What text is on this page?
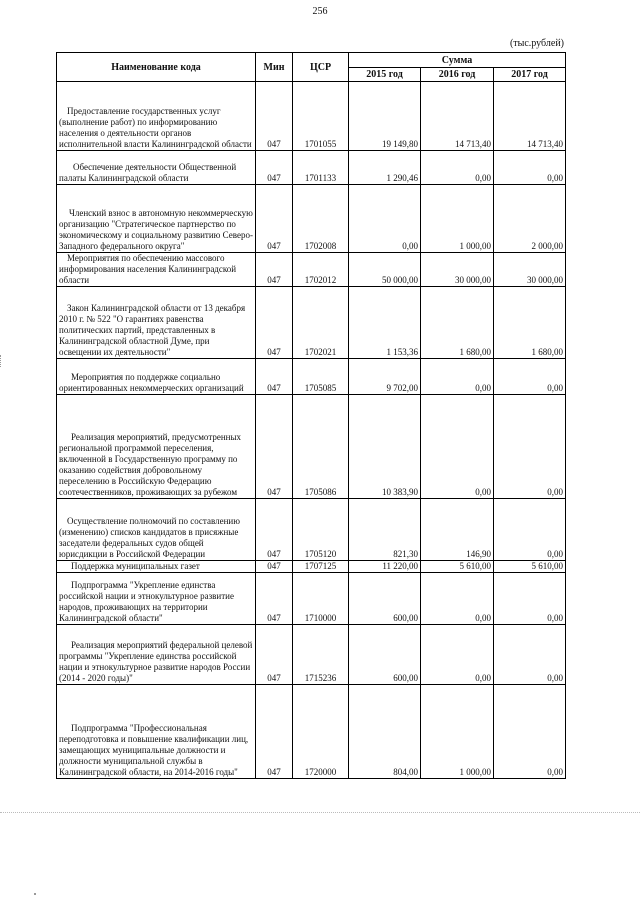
256
(тыс.рублей)
Наименование кода	Мин	ЦСР	Сумма		
			2015 год	2016 год	2017 год

Предоставление государственных услуг (выполнение работ) по информированию населения о деятельности органов исполнительной власти Калининградской области	047	1701055	19 149,80	14 713,40	14 713,40

Обеспечение деятельности Общественной палаты Калининградской области	047	1701133	1 290,46	0,00	0,00

Членский взнос в автономную некоммерческую организацию "Стратегическое партнерство по экономическому и социальному развитию Северо-Западного федерального округа"	047	1702008	0,00	1 000,00	2 000,00

Мероприятия по обеспечению массового информирования населения Калининградской области	047	1702012	50 000,00	30 000,00	30 000,00

Закон Калининградской области от 13 декабря 2010 г. № 522 "О гарантиях равенства политических партий, представленных в Калининградской областной Думе, при освещении их деятельности"	047	1702021	1 153,36	1 680,00	1 680,00

Мероприятия по поддержке социально ориентированных некоммерческих организаций	047	1705085	9 702,00	0,00	0,00

Реализация мероприятий, предусмотренных региональной программой переселения, включенной в Государственную программу по оказанию содействия добровольному переселению в Российскую Федерацию соотечественников, проживающих за рубежом	047	1705086	10 383,90	0,00	0,00

Осуществление полномочий по составлению (изменению) списков кандидатов в присяжные заседатели федеральных судов общей юрисдикции в Российской Федерации	047	1705120	821,30	146,90	0,00

Поддержка муниципальных газет	047	1707125	11 220,00	5 610,00	5 610,00

Подпрограмма "Укрепление единства российской нации и этнокультурное развитие народов, проживающих на территории Калининградской области"	047	1710000	600,00	0,00	0,00

Реализация мероприятий федеральной целевой программы "Укрепление единства российской нации и этнокультурное развитие народов России (2014 - 2020 годы)"	047	1715236	600,00	0,00	0,00

Подпрограмма "Профессиональная переподготовка и повышение квалификации лиц, замещающих муниципальные должности и должности муниципальной службы в Калининградской области, на 2014-2016 годы"	047	1720000	804,00	1 000,00	0,00
